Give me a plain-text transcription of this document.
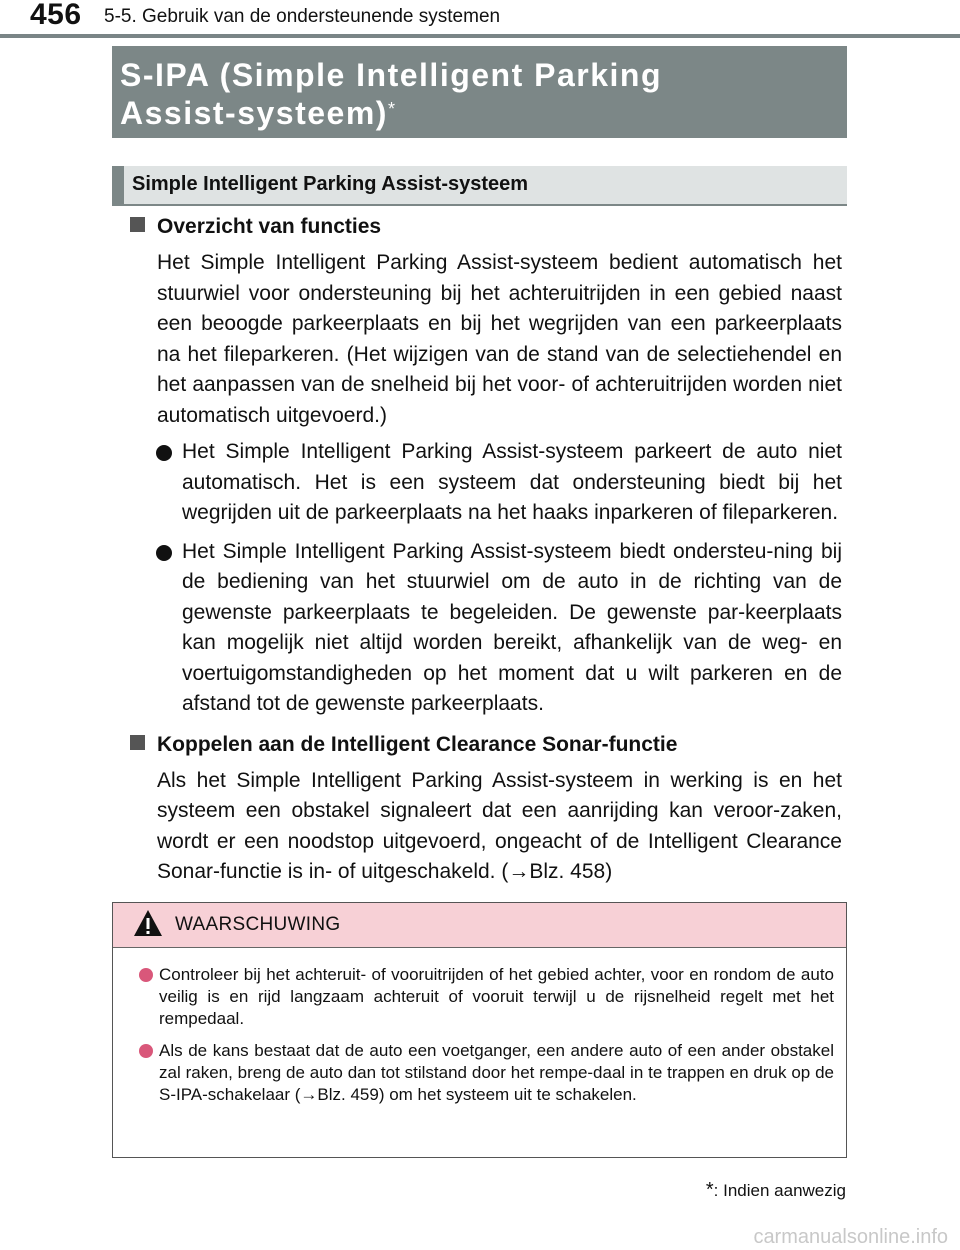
456 5-5. Gebruik van de ondersteunende systemen
S-IPA (Simple Intelligent Parking
Assist-systeem)*
Simple Intelligent Parking Assist-systeem
Overzicht van functies

Het Simple Intelligent Parking Assist-systeem bedient automatisch het stuurwiel voor ondersteuning bij het achteruitrijden in een gebied naast een beoogde parkeerplaats en bij het wegrijden van een parkeerplaats na het fileparkeren. (Het wijzigen van de stand van de selectiehendel en het aanpassen van de snelheid bij het voor- of achteruitrijden worden niet automatisch uitgevoerd.)

Het Simple Intelligent Parking Assist-systeem parkeert de auto niet automatisch. Het is een systeem dat ondersteuning biedt bij het wegrijden uit de parkeerplaats na het haaks inparkeren of fileparkeren.
Het Simple Intelligent Parking Assist-systeem biedt ondersteu-ning bij de bediening van het stuurwiel om de auto in de richting van de gewenste parkeerplaats te begeleiden. De gewenste par-keerplaats kan mogelijk niet altijd worden bereikt, afhankelijk van de weg- en voertuigomstandigheden op het moment dat u wilt parkeren en de afstand tot de gewenste parkeerplaats.
Koppelen aan de Intelligent Clearance Sonar-functie

Als het Simple Intelligent Parking Assist-systeem in werking is en het systeem een obstakel signaleert dat een aanrijding kan veroor-zaken, wordt er een noodstop uitgevoerd, ongeacht of de Intelligent Clearance Sonar-functie is in- of uitgeschakeld. (→Blz. 458)

WAARSCHUWING
Controleer bij het achteruit- of vooruitrijden of het gebied achter, voor en rondom de auto veilig is en rijd langzaam achteruit of vooruit terwijl u de rijsnelheid regelt met het rempedaal.
Als de kans bestaat dat de auto een voetganger, een andere auto of een ander obstakel zal raken, breng de auto dan tot stilstand door het rempe-daal in te trappen en druk op de S-IPA-schakelaar (→Blz. 459) om het systeem uit te schakelen.
*: Indien aanwezig
carmanualsonline.info
